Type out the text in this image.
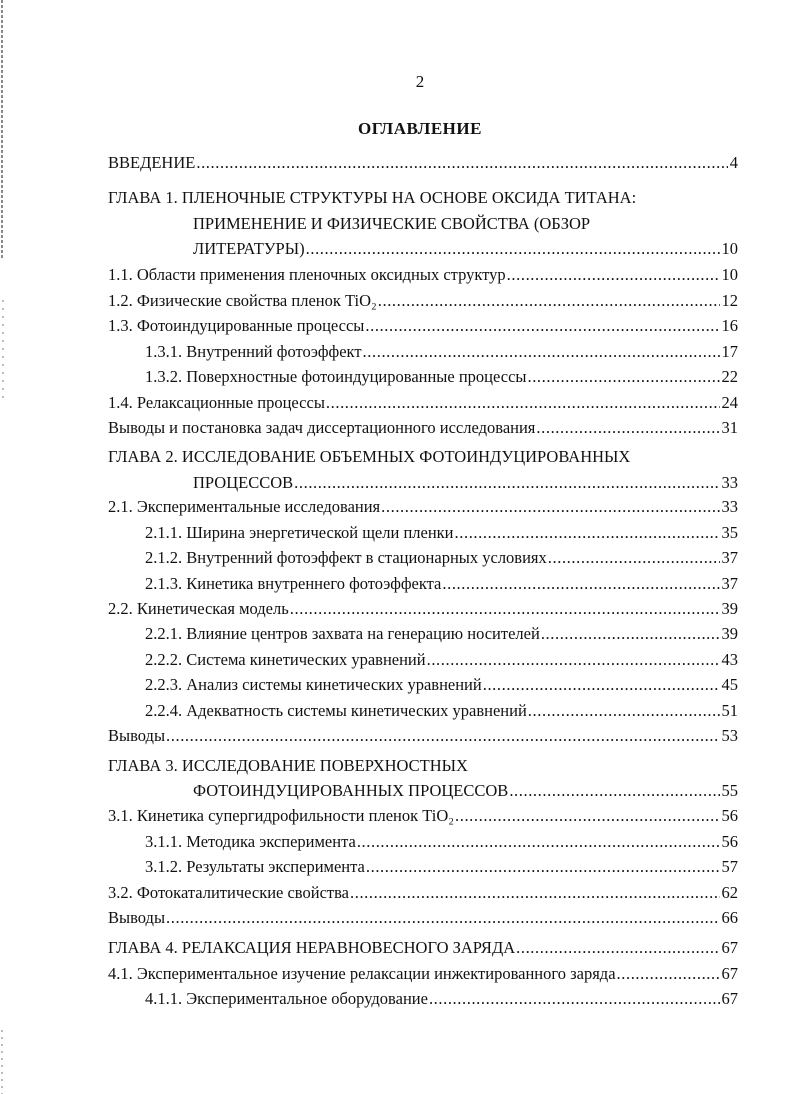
2
ОГЛАВЛЕНИЕ
ВВЕДЕНИЕ .....	4
ГЛАВА 1. ПЛЕНОЧНЫЕ СТРУКТУРЫ НА ОСНОВЕ ОКСИДА ТИТАНА:
ПРИМЕНЕНИЕ И ФИЗИЧЕСКИЕ СВОЙСТВА (ОБЗОР
ЛИТЕРАТУРЫ) .....	10
1.1. Области применения пленочных оксидных структур .....	10
1.2. Физические свойства пленок TiO₂ .....	12
1.3. Фотоиндуцированные процессы .....	16
1.3.1. Внутренний фотоэффект .....	17
1.3.2. Поверхностные фотоиндуцированные процессы .....	22
1.4. Релаксационные процессы .....	24
Выводы и постановка задач диссертационного исследования .....	31
ГЛАВА 2. ИССЛЕДОВАНИЕ ОБЪЕМНЫХ ФОТОИНДУЦИРОВАННЫХ
ПРОЦЕССОВ .....	33
2.1. Экспериментальные исследования .....	33
2.1.1. Ширина энергетической щели пленки .....	35
2.1.2. Внутренний фотоэффект в стационарных условиях .....	37
2.1.3. Кинетика внутреннего фотоэффекта .....	37
2.2. Кинетическая модель .....	39
2.2.1. Влияние центров захвата на генерацию носителей .....	39
2.2.2. Система кинетических уравнений .....	43
2.2.3. Анализ системы кинетических уравнений .....	45
2.2.4. Адекватность системы кинетических уравнений .....	51
Выводы .....	53
ГЛАВА 3. ИССЛЕДОВАНИЕ ПОВЕРХНОСТНЫХ
ФОТОИНДУЦИРОВАННЫХ ПРОЦЕССОВ .....	55
3.1. Кинетика супергидрофильности пленок TiO₂ .....	56
3.1.1. Методика эксперимента .....	56
3.1.2. Результаты эксперимента .....	57
3.2. Фотокаталитические свойства .....	62
Выводы .....	66
ГЛАВА 4. РЕЛАКСАЦИЯ НЕРАВНОВЕСНОГО ЗАРЯДА .....	67
4.1. Экспериментальное изучение релаксации инжектированного заряда .....	67
4.1.1. Экспериментальное оборудование .....	67
